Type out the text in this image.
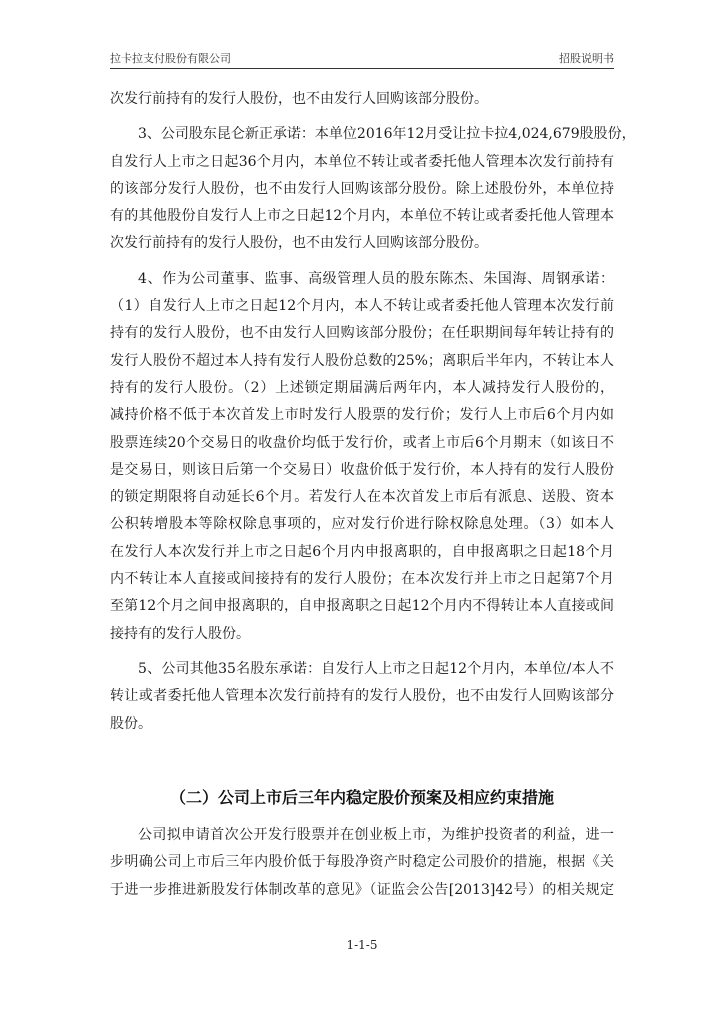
拉卡拉支付股份有限公司	招股说明书
次发行前持有的发行人股份，也不由发行人回购该部分股份。
3、公司股东昆仑新正承诺：本单位2016年12月受让拉卡拉4,024,679股股份，
自发行人上市之日起36个月内，本单位不转让或者委托他人管理本次发行前持有
的该部分发行人股份，也不由发行人回购该部分股份。除上述股份外，本单位持
有的其他股份自发行人上市之日起12个月内，本单位不转让或者委托他人管理本
次发行前持有的发行人股份，也不由发行人回购该部分股份。
4、作为公司董事、监事、高级管理人员的股东陈杰、朱国海、周钢承诺：
（1）自发行人上市之日起12个月内，本人不转让或者委托他人管理本次发行前
持有的发行人股份，也不由发行人回购该部分股份；在任职期间每年转让持有的
发行人股份不超过本人持有发行人股份总数的25%；离职后半年内，不转让本人
持有的发行人股份。（2）上述锁定期届满后两年内，本人减持发行人股份的，
减持价格不低于本次首发上市时发行人股票的发行价；发行人上市后6个月内如
股票连续20个交易日的收盘价均低于发行价，或者上市后6个月期末（如该日不
是交易日，则该日后第一个交易日）收盘价低于发行价，本人持有的发行人股份
的锁定期限将自动延长6个月。若发行人在本次首发上市后有派息、送股、资本
公积转增股本等除权除息事项的，应对发行价进行除权除息处理。（3）如本人
在发行人本次发行并上市之日起6个月内申报离职的，自申报离职之日起18个月
内不转让本人直接或间接持有的发行人股份；在本次发行并上市之日起第7个月
至第12个月之间申报离职的，自申报离职之日起12个月内不得转让本人直接或间
接持有的发行人股份。
5、公司其他35名股东承诺：自发行人上市之日起12个月内，本单位/本人不
转让或者委托他人管理本次发行前持有的发行人股份，也不由发行人回购该部分
股份。
（二）公司上市后三年内稳定股价预案及相应约束措施
公司拟申请首次公开发行股票并在创业板上市，为维护投资者的利益，进一
步明确公司上市后三年内股价低于每股净资产时稳定公司股价的措施，根据《关
于进一步推进新股发行体制改革的意见》（证监会公告[2013]42号）的相关规定
1-1-5
